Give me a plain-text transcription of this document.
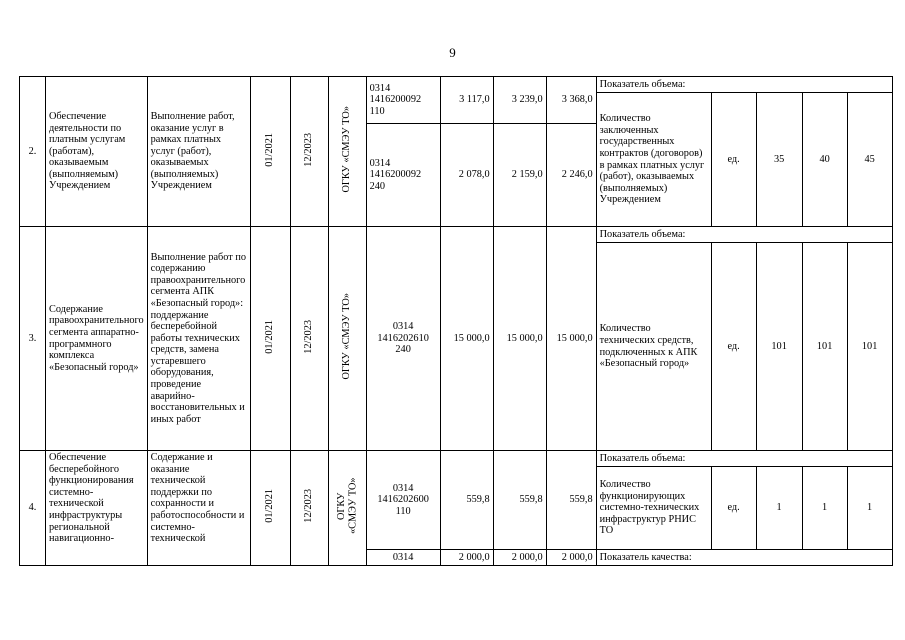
9
2.	Обеспечение деятельности по платным услугам (работам), оказываемым (выполняемым) Учреждением	Выполнение работ, оказание услуг в рамках платных услуг (работ), оказываемых (выполняемых) Учреждением	01/2021	12/2023	ОГКУ «СМЭУ ТО»	0314 1416200092 110	3 117,0	3 239,0	3 368,0	Показатель объема:				
										Количество заключенных государственных контрактов (договоров) в рамках платных услуг (работ), оказываемых (выполняемых) Учреждением	ед.	35	40	45

						0314 1416200092 240	2 078,0	2 159,0	2 246,0					
3.	Содержание правоохранительного сегмента аппаратно-программного комплекса «Безопасный город»	Выполнение работ по содержанию правоохранительного сегмента АПК «Безопасный город»: поддержание бесперебойной работы технических средств, замена устаревшего оборудования, проведение аварийно-восстановительных и иных работ	01/2021	12/2023	ОГКУ «СМЭУ ТО»	0314 1416202610 240	15 000,0	15 000,0	15 000,0	Показатель объема:				
										Количество технических средств, подключенных к АПК «Безопасный город»	ед.	101	101	101
4.	Обеспечение бесперебойного функционирования системно-технической инфраструктуры региональной навигационно-	Содержание и оказание технической поддержки по сохранности и работоспособности и системно-технической	01/2021	12/2023	ОГКУ «СМЭУ ТО»	0314 1416202600 110	559,8	559,8	559,8	Показатель объема:				
										Количество функционирующих системно-технических инфраструктур РНИС ТО	ед.	1	1	1
						0314	2 000,0	2 000,0	2 000,0	Показатель качества:				
